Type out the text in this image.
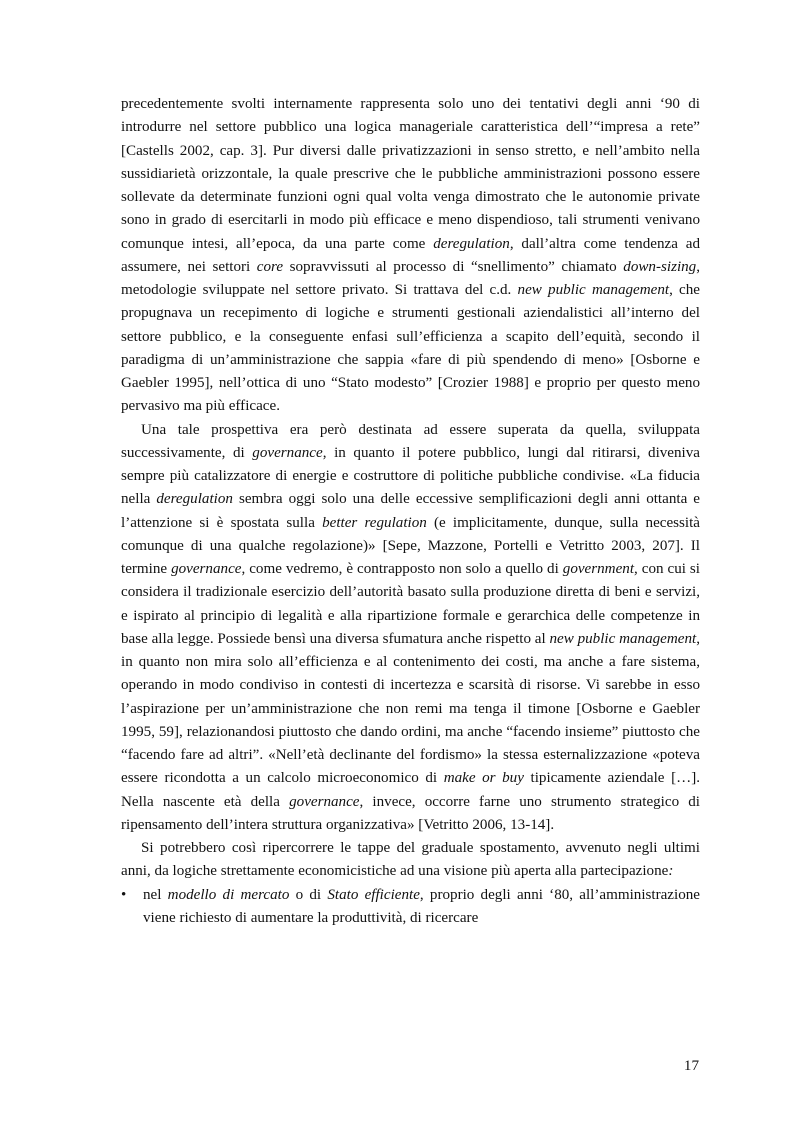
precedentemente svolti internamente rappresenta solo uno dei tentativi degli anni ‘90 di introdurre nel settore pubblico una logica manageriale caratteristica dell’“impresa a rete” [Castells 2002, cap. 3]. Pur diversi dalle privatizzazioni in senso stretto, e nell’ambito nella sussidiarietà orizzontale, la quale prescrive che le pubbliche amministrazioni possono essere sollevate da determinate funzioni ogni qual volta venga dimostrato che le autonomie private sono in grado di esercitarli in modo più efficace e meno dispendioso, tali strumenti venivano comunque intesi, all’epoca, da una parte come deregulation, dall’altra come tendenza ad assumere, nei settori core sopravvissuti al processo di “snellimento” chiamato down-sizing, metodologie sviluppate nel settore privato. Si trattava del c.d. new public management, che propugnava un recepimento di logiche e strumenti gestionali aziendalistici all’interno del settore pubblico, e la conseguente enfasi sull’efficienza a scapito dell’equità, secondo il paradigma di un’amministrazione che sappia «fare di più spendendo di meno» [Osborne e Gaebler 1995], nell’ottica di uno “Stato modesto” [Crozier 1988] e proprio per questo meno pervasivo ma più efficace.

Una tale prospettiva era però destinata ad essere superata da quella, sviluppata successivamente, di governance, in quanto il potere pubblico, lungi dal ritirarsi, diveniva sempre più catalizzatore di energie e costruttore di politiche pubbliche condivise. «La fiducia nella deregulation sembra oggi solo una delle eccessive semplificazioni degli anni ottanta e l’attenzione si è spostata sulla better regulation (e implicitamente, dunque, sulla necessità comunque di una qualche regolazione)» [Sepe, Mazzone, Portelli e Vetritto 2003, 207]. Il termine governance, come vedremo, è contrapposto non solo a quello di government, con cui si considera il tradizionale esercizio dell’autorità basato sulla produzione diretta di beni e servizi, e ispirato al principio di legalità e alla ripartizione formale e gerarchica delle competenze in base alla legge. Possiede bensì una diversa sfumatura anche rispetto al new public management, in quanto non mira solo all’efficienza e al contenimento dei costi, ma anche a fare sistema, operando in modo condiviso in contesti di incertezza e scarsità di risorse. Vi sarebbe in esso l’aspirazione per un’amministrazione che non remi ma tenga il timone [Osborne e Gaebler 1995, 59], relazionandosi piuttosto che dando ordini, ma anche “facendo insieme” piuttosto che “facendo fare ad altri”. «Nell’età declinante del fordismo» la stessa esternalizzazione «poteva essere ricondotta a un calcolo microeconomico di make or buy tipicamente aziendale […]. Nella nascente età della governance, invece, occorre farne uno strumento strategico di ripensamento dell’intera struttura organizzativa» [Vetritto 2006, 13-14].

Si potrebbero così ripercorrere le tappe del graduale spostamento, avvenuto negli ultimi anni, da logiche strettamente economicistiche ad una visione più aperta alla partecipazione:

•	nel modello di mercato o di Stato efficiente, proprio degli anni ‘80, all’amministrazione viene richiesto di aumentare la produttività, di ricercare
17
